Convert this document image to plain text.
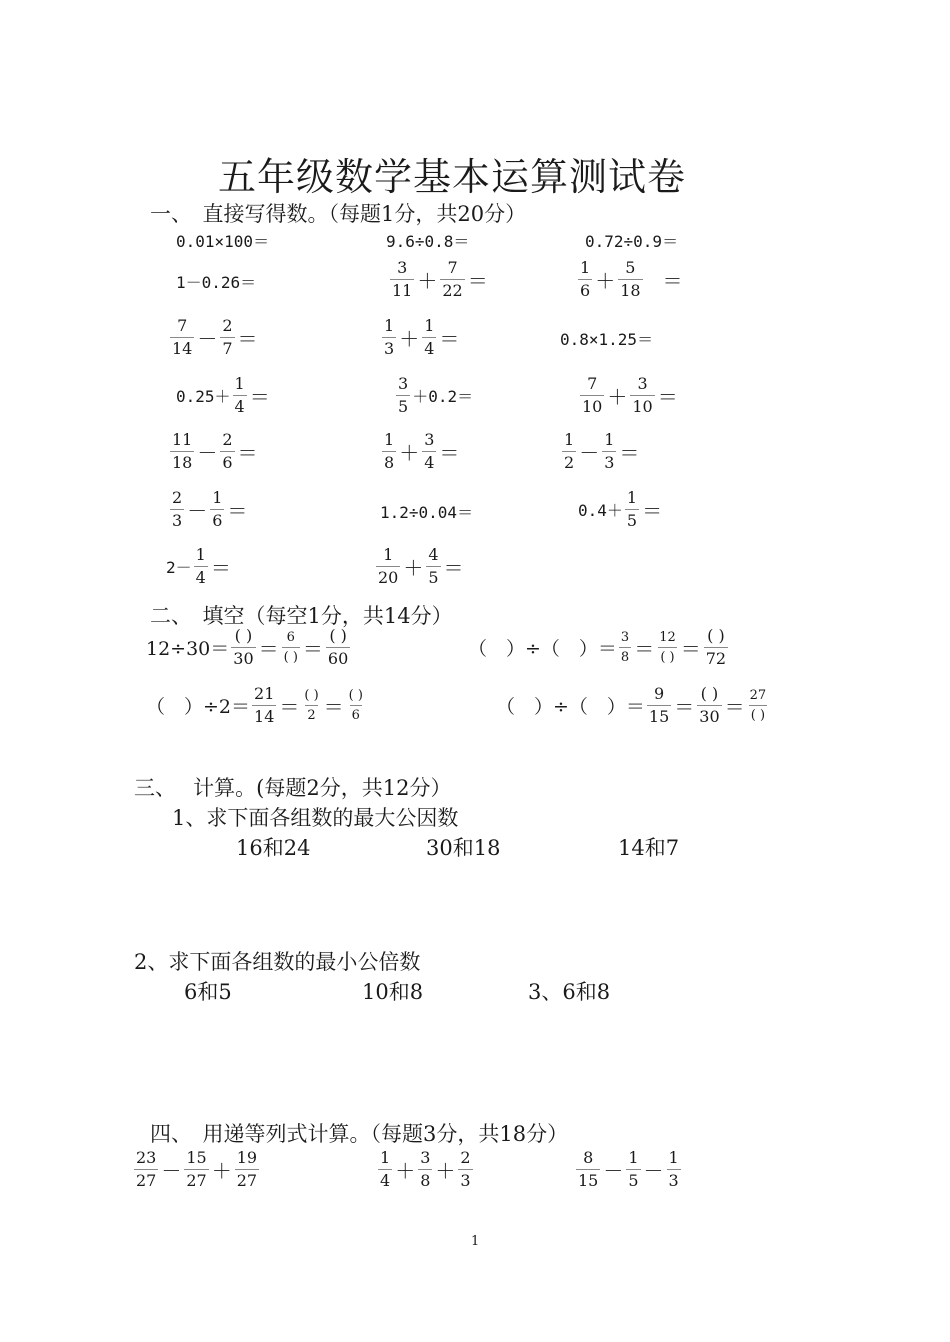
五年级数学基本运算测试卷
一、　直接写得数。（每题1分，共20分）
0.01×100＝	9.6÷0.8＝	0.72÷0.9＝
1－0.26＝	$\frac{3}{11} + \frac{7}{22}$ ＝	$\frac{1}{6} + \frac{5}{18}$ ＝
$\frac{7}{14} - \frac{2}{7}$ ＝	$\frac{1}{3} + \frac{1}{4}$ ＝	0.8×1.25＝
$0.25+ \frac{1}{4}$ ＝	$\frac{3}{5} +0.2=$	$\frac{7}{10} + \frac{3}{10}$ ＝
$\frac{11}{18} - \frac{2}{6}$ ＝	$\frac{1}{8} + \frac{3}{4}$ ＝	$\frac{1}{2} - \frac{1}{3}$ ＝
$\frac{2}{3} - \frac{1}{6}$ ＝	1.2÷0.04＝	$0.4+ \frac{1}{5}$ ＝
$2- \frac{1}{4}$ ＝	$\frac{1}{20} + \frac{4}{5}$ ＝
二、　填空（每空1分，共14分）
$12\div 30= \frac{( )}{30} = \frac{6}{( )} = \frac{( )}{60}$	（　）÷（　）＝ $\frac{3}{8} = \frac{12}{( )} = \frac{( )}{72}$
（　）$\div 2= \frac{21}{14} = \frac{( )}{2} = \frac{( )}{6}$	（　）÷（　）＝ $\frac{9}{15} = \frac{( )}{30} = \frac{27}{( )}$
三、　 计算。(每题2分，共12分）
1、求下面各组数的最大公因数
16和24	30和18	14和7
2、求下面各组数的最小公倍数
6和5	10和8	3、6和8
四、　用递等列式计算。（每题3分，共18分）
$\frac{23}{27} - \frac{15}{27} + \frac{19}{27}$	$\frac{1}{4} + \frac{3}{8} + \frac{2}{3}$	$\frac{8}{15} - \frac{1}{5} - \frac{1}{3}$
1
